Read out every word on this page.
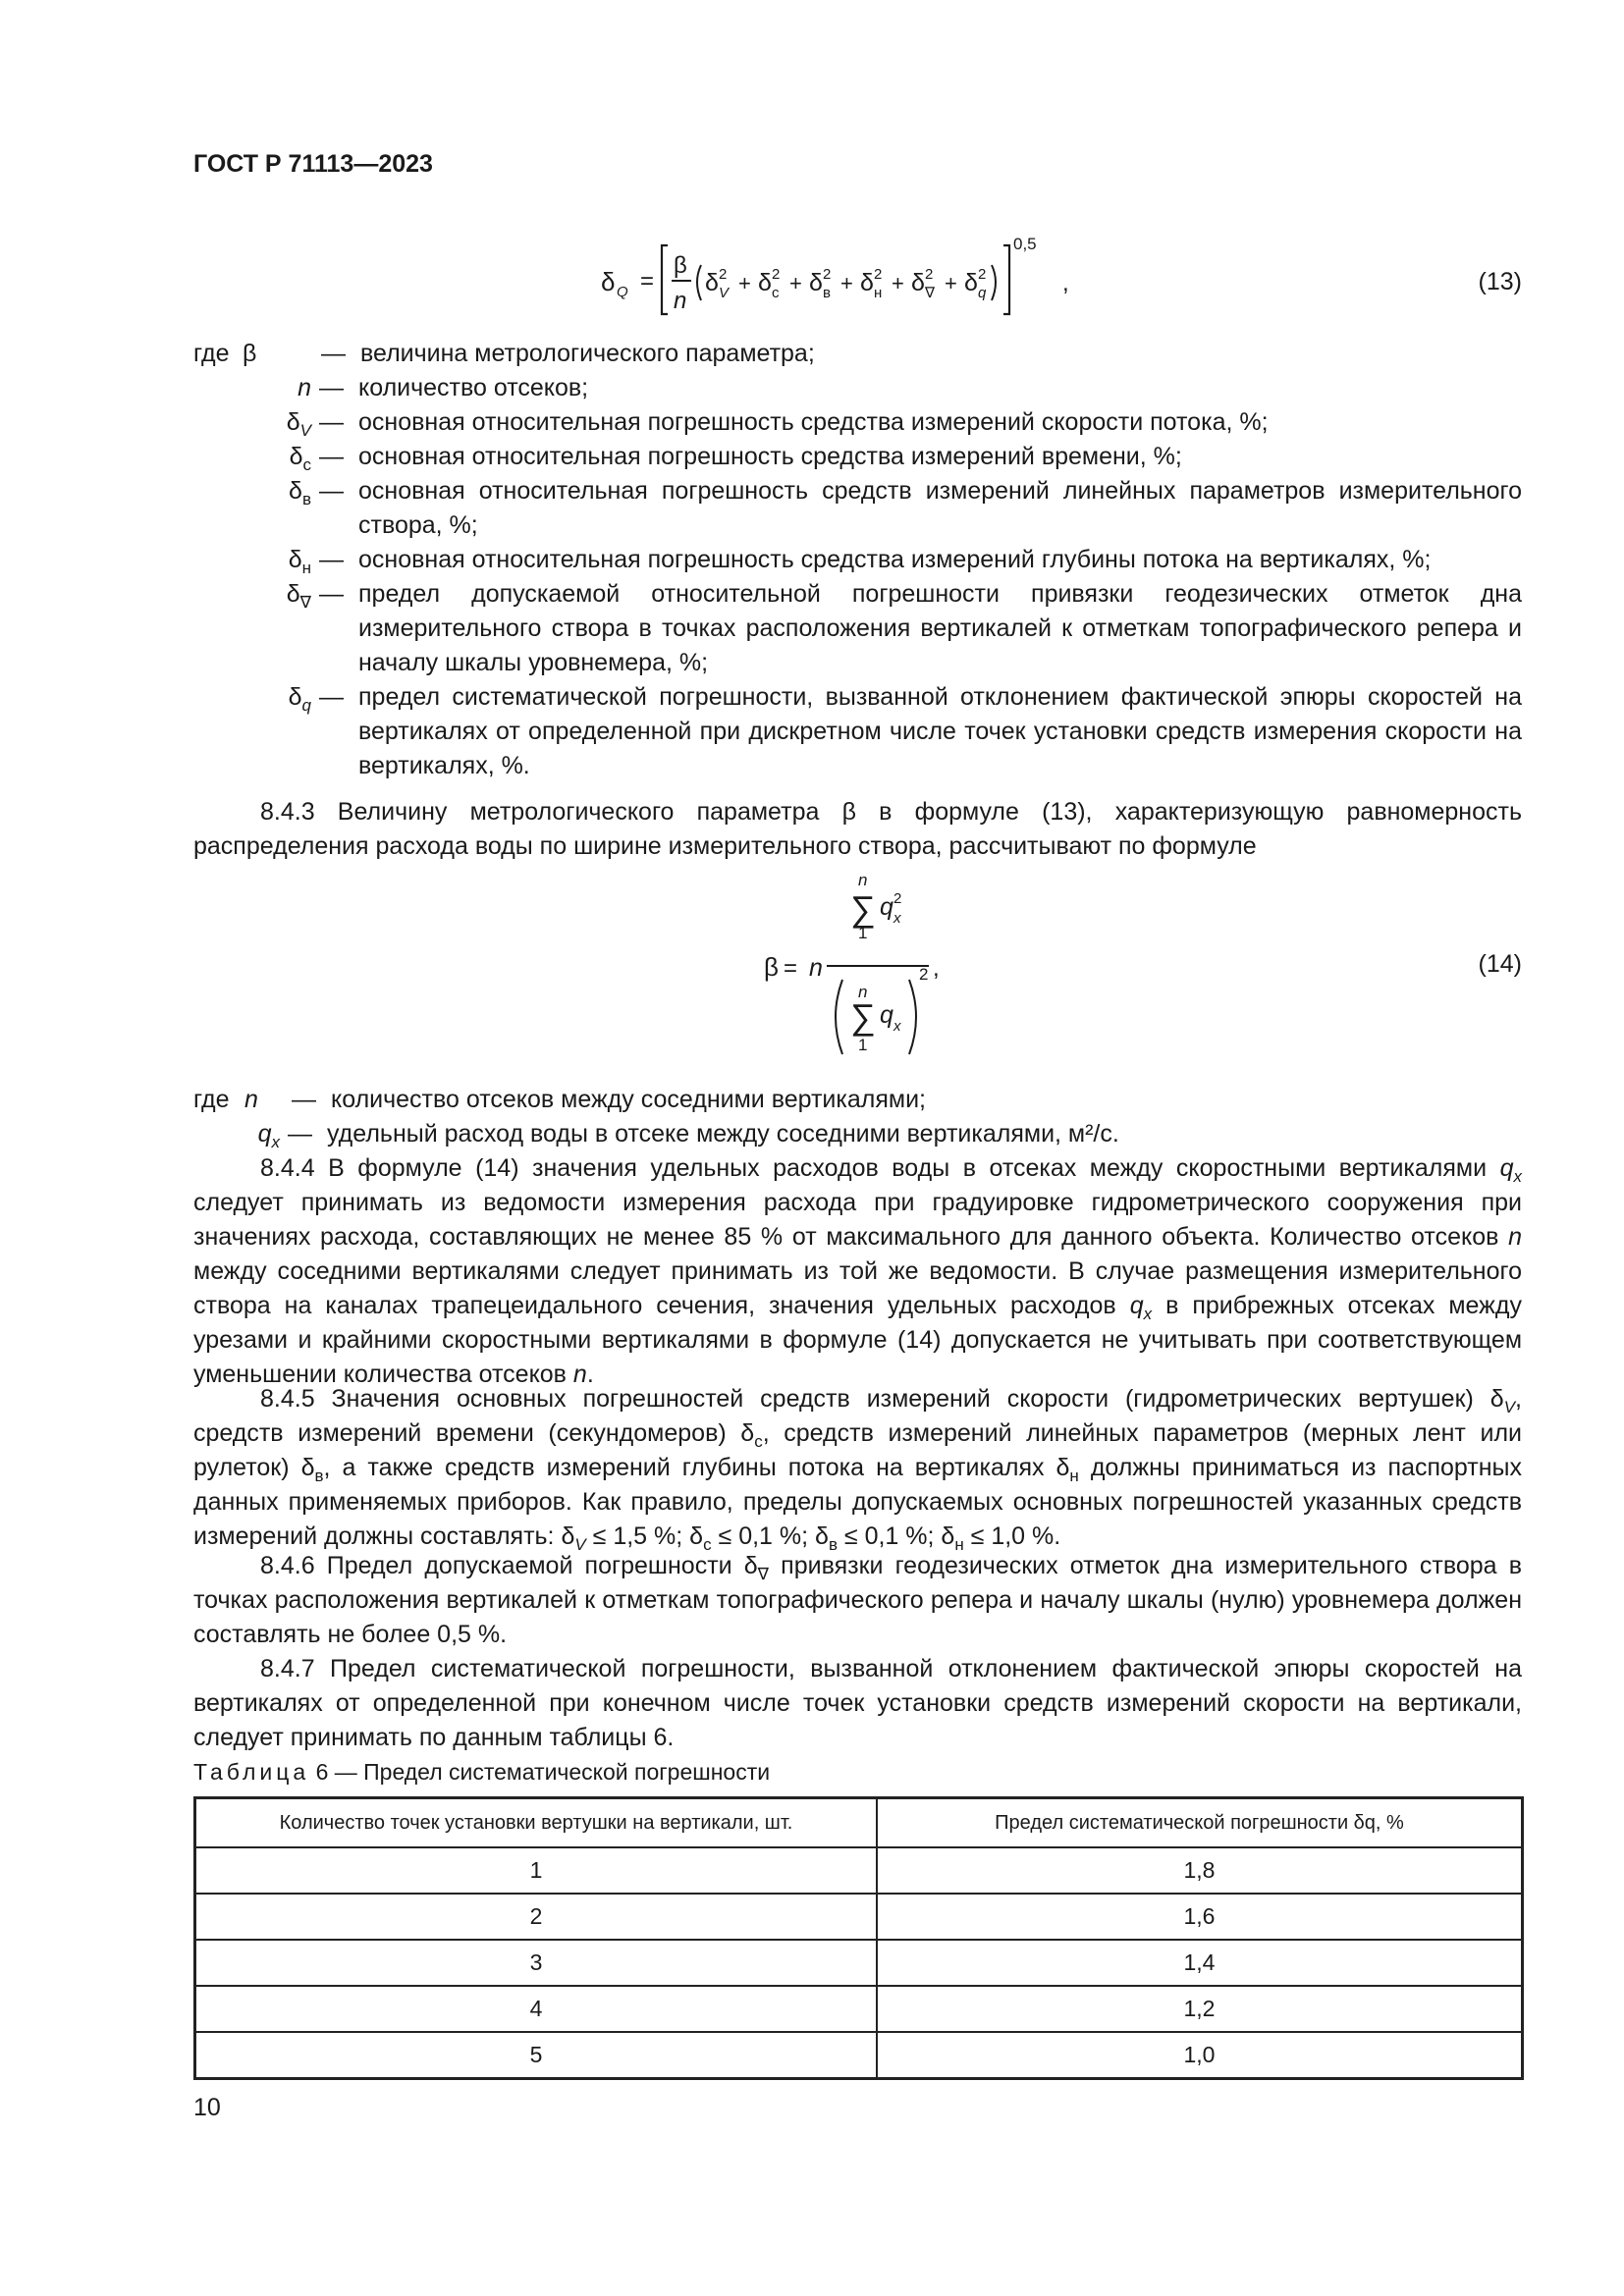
ГОСТ Р 71113—2023
δ Q =
β
n
δ 2
V + δ 2
с + δ 2
в + δ 2
н + δ 2
∇ + δ 2
q
0,5
,	(13)
где β	— величина метрологического параметра;
n — количество отсеков;
$\delta_V$ — основная относительная погрешность средства измерений скорости потока, %;
$\delta_с$ — основная относительная погрешность средства измерений времени, %;
$\delta_в$ — основная относительная погрешность средств измерений линейных параметров измерительного створа, %;
$\delta_н$ — основная относительная погрешность средства измерений глубины потока на вертикалях, %;
$\delta_\nabla$ — предел допускаемой относительной погрешности привязки геодезических отметок дна измерительного створа в точках расположения вертикалей к отметкам топографического репера и началу шкалы уровнемера, %;
$\delta_q$ — предел систематической погрешности, вызванной отклонением фактической эпюры скоростей на вертикалях от определенной при дискретном числе точек установки средств измерения скорости на вертикалях, %.

8.4.3 Величину метрологического параметра β в формуле (13), характеризующую равномерность распределения расхода воды по ширине измерительного створа, рассчитывают по формуле

β = n
n
∑
1
q 2
x
n
∑
1
q x
2 ,	(14)
где n	— количество отсеков между соседними вертикалями;
$q_x$ — удельный расход воды в отсеке между соседними вертикалями, м²/с.

8.4.4 В формуле (14) значения удельных расходов воды в отсеках между скоростными вертикалями $q_x$ следует принимать из ведомости измерения расхода при градуировке гидрометрического сооружения при значениях расхода, составляющих не менее 85 % от максимального для данного объекта. Количество отсеков n между соседними вертикалями следует принимать из той же ведомости. В случае размещения измерительного створа на каналах трапецеидального сечения, значения удельных расходов $q_x$ в прибрежных отсеках между урезами и крайними скоростными вертикалями в формуле (14) допускается не учитывать при соответствующем уменьшении количества отсеков n.

8.4.5 Значения основных погрешностей средств измерений скорости (гидрометрических вертушек) $\delta_V$, средств измерений времени (секундомеров) $\delta_с$, средств измерений линейных параметров (мерных лент или рулеток) $\delta_в$, а также средств измерений глубины потока на вертикалях $\delta_н$ должны приниматься из паспортных данных применяемых приборов. Как правило, пределы допускаемых основных погрешностей указанных средств измерений должны составлять: $\delta_V \le 1,5$ %; $\delta_с \le 0,1$ %; $\delta_в \le 0,1$ %; $\delta_н \le 1,0$ %.

8.4.6 Предел допускаемой погрешности $\delta_\nabla$ привязки геодезических отметок дна измерительного створа в точках расположения вертикалей к отметкам топографического репера и началу шкалы (нулю) уровнемера должен составлять не более 0,5 %.

8.4.7 Предел систематической погрешности, вызванной отклонением фактической эпюры скоростей на вертикалях от определенной при конечном числе точек установки средств измерений скорости на вертикали, следует принимать по данным таблицы 6.

Таблица 6 — Предел систематической погрешности
Количество точек установки вертушки на вертикали, шт.	Предел систематической погрешности δq, %
1	1,8
2	1,6
3	1,4
4	1,2
5	1,0
10
